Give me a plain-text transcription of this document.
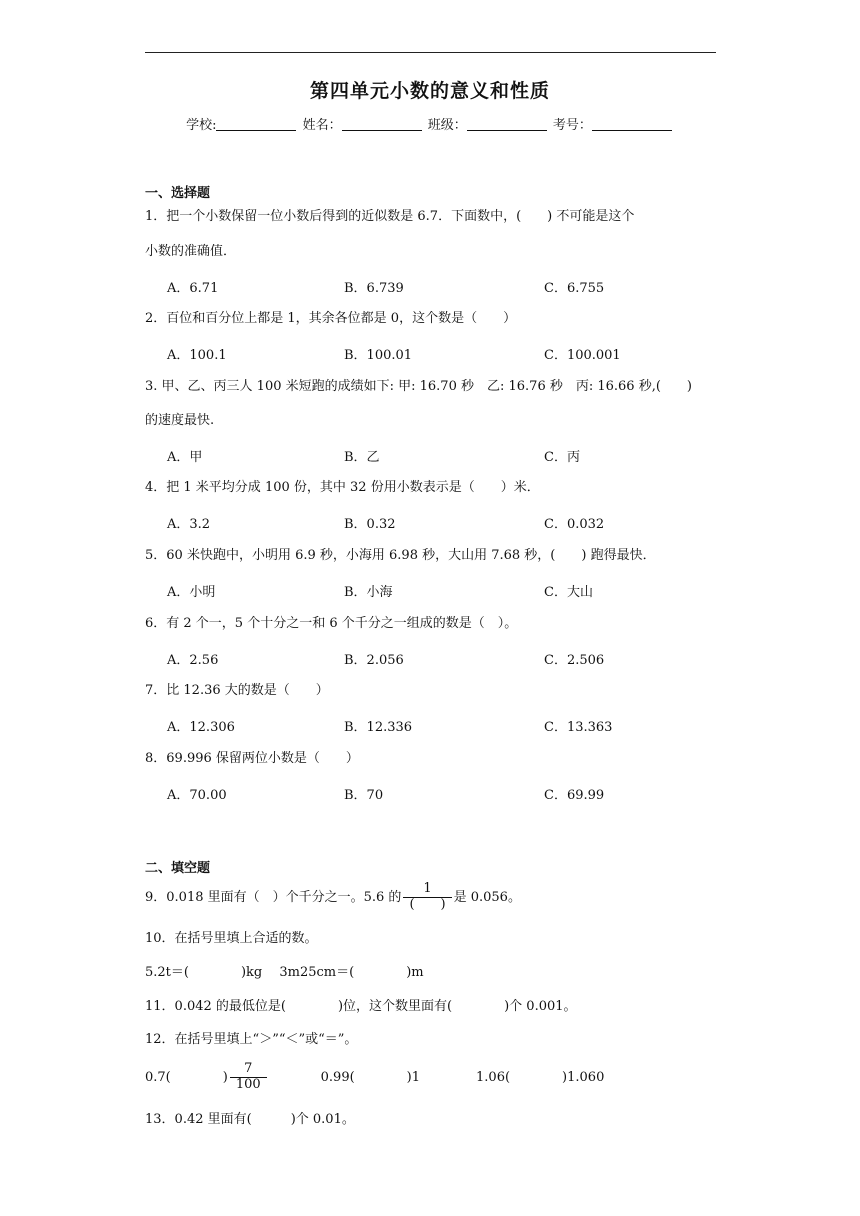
第四单元小数的意义和性质
学校:	姓名：	班级：	考号：
一、选择题
1．把一个小数保留一位小数后得到的近似数是 6.7．下面数中，(　　) 不可能是这个
小数的准确值．
A．6.71	B．6.739	C．6.755
2．百位和百分位上都是 1，其余各位都是 0，这个数是（　　）
A．100.1	B．100.01	C．100.001
3. 甲、乙、丙三人 100 米短跑的成绩如下: 甲: 16.70 秒　乙: 16.76 秒　丙: 16.66 秒,(　　)
的速度最快.
A．甲	B．乙	C．丙
4．把 1 米平均分成 100 份，其中 32 份用小数表示是（　　）米．
A．3.2	B．0.32	C．0.032
5．60 米快跑中，小明用 6.9 秒，小海用 6.98 秒，大山用 7.68 秒，(　　) 跑得最快．
A．小明	B．小海	C．大山
6．有 2 个一，5 个十分之一和 6 个千分之一组成的数是（　）。
A．2.56	B．2.056	C．2.506
7．比 12.36 大的数是（　　）
A．12.306	B．12.336	C．13.363
8．69.996 保留两位小数是（　　）
A．70.00	B．70	C．69.99
二、填空题
9．0.018 里面有（　）个千分之一。5.6 的 $\frac{1}{( )}$ 是 0.056。
10．在括号里填上合适的数。
5.2t＝(　　　　)kg　 3m25cm＝(　　　　)m
11．0.042 的最低位是(　　　　)位，这个数里面有(　　　　)个 0.001。
12．在括号里填上“＞”“＜”或“＝”。
0.7(　　　　) $\frac{7}{100}$	0.99(　　　　)1	1.06(　　　　)1.060
13．0.42 里面有(　　　)个 0.01。
